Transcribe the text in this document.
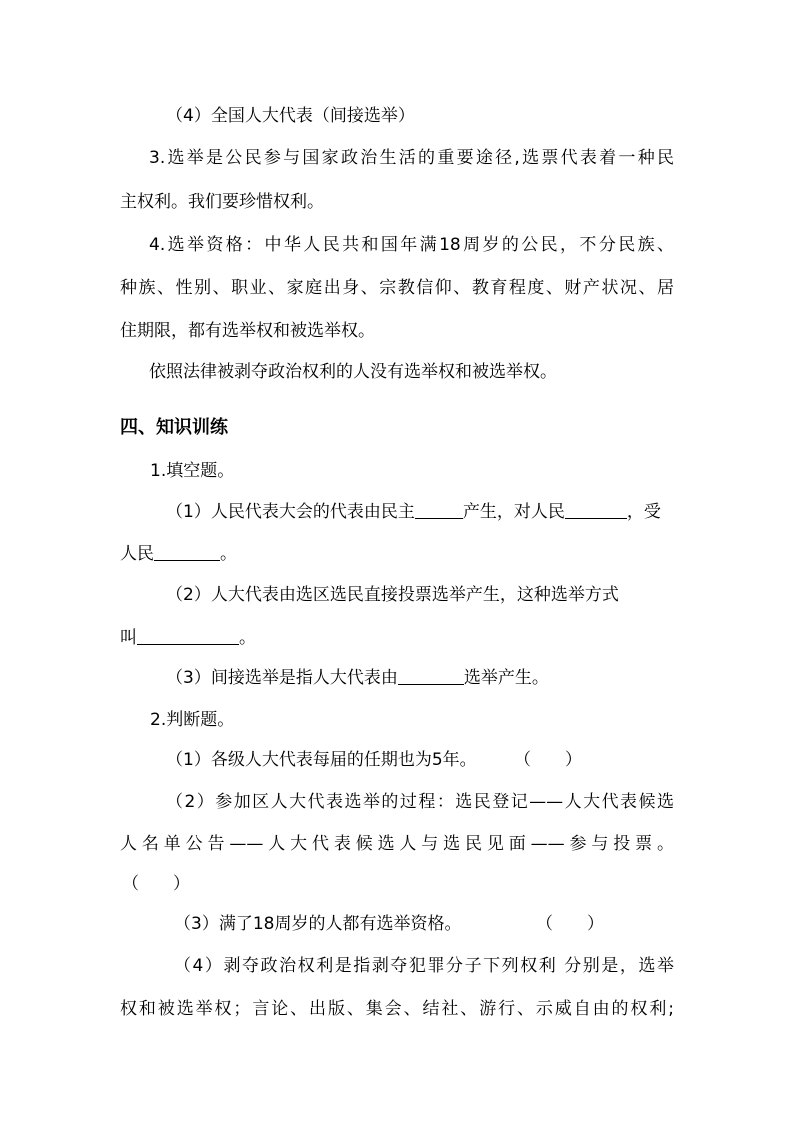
（4）全国人大代表（间接选举）
3.选举是公民参与国家政治生活的重要途径,选票代表着一种民
主权利。我们要珍惜权利。
4.选举资格：中华人民共和国年满18周岁的公民，不分民族、
种族、性别、职业、家庭出身、宗教信仰、教育程度、财产状况、居
住期限，都有选举权和被选举权。
依照法律被剥夺政治权利的人没有选举权和被选举权。
四、知识训练
1.填空题。
（1）人民代表大会的代表由民主	产生，对人民	，受
人民	。
（2）人大代表由选区选民直接投票选举产生，这种选举方式
叫	。
（3）间接选举是指人大代表由	选举产生。
2.判断题。
（1）各级人大代表每届的任期也为5年。 （　　）
（2）参加区人大代表选举的过程：选民登记——人大代表候选
人名单公告——人大代表候选人与选民见面——参与投票。
（　　）
（3）满了18周岁的人都有选举资格。	（　　）
（4）剥夺政治权利是指剥夺犯罪分子下列权利 分别是，选举
权和被选举权；言论、出版、集会、结社、游行、示威自由的权利;
